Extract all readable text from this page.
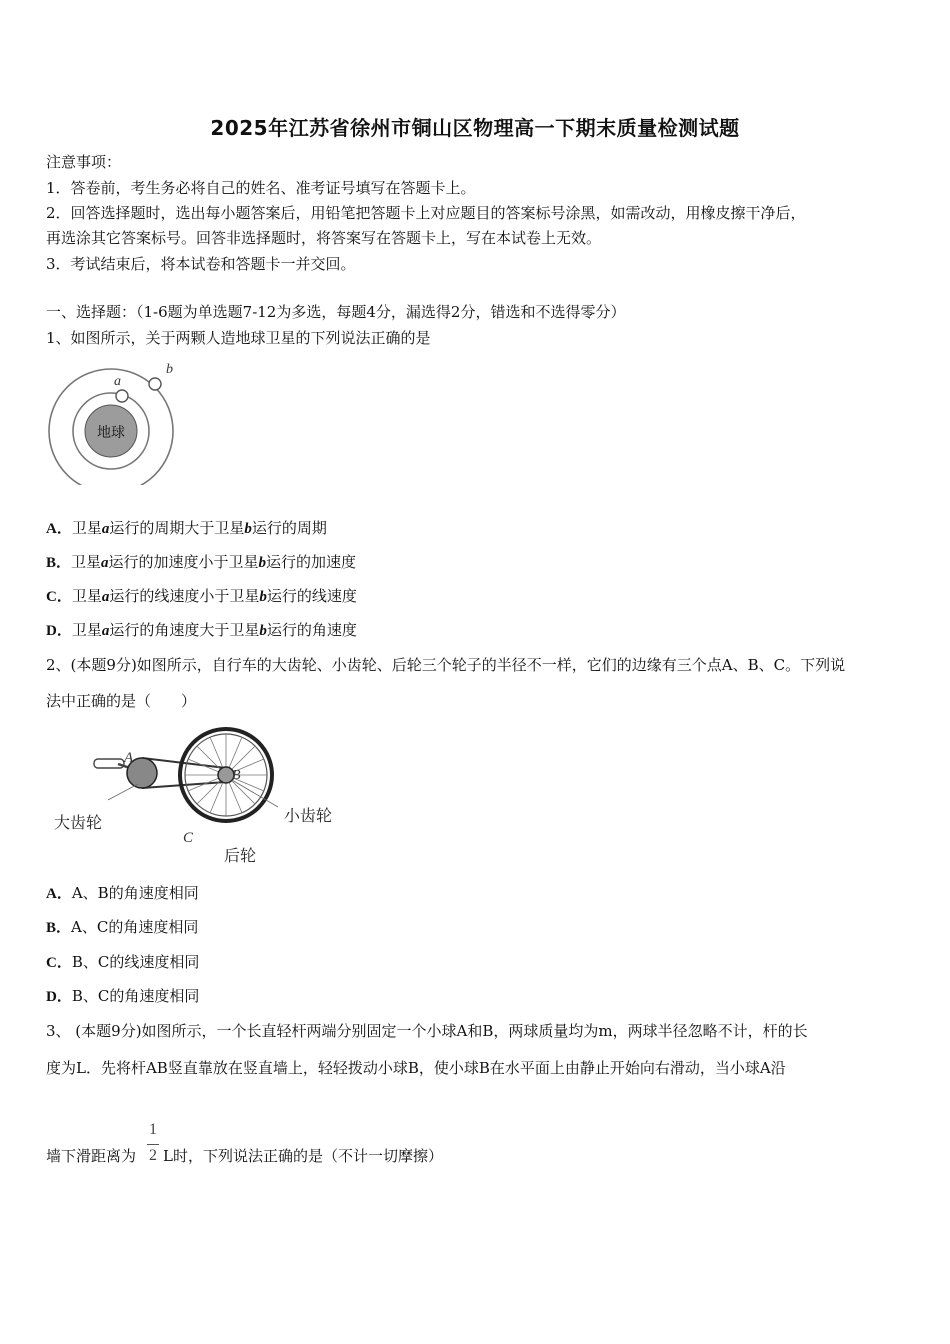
2025年江苏省徐州市铜山区物理高一下期末质量检测试题
注意事项：
1．答卷前，考生务必将自己的姓名、准考证号填写在答题卡上。
2．回答选择题时，选出每小题答案后，用铅笔把答题卡上对应题目的答案标号涂黑，如需改动，用橡皮擦干净后，
再选涂其它答案标号。回答非选择题时，将答案写在答题卡上，写在本试卷上无效。
3．考试结束后，将本试卷和答题卡一并交回。
一、选择题：（1-6题为单选题7-12为多选，每题4分，漏选得2分，错选和不选得零分）
1、如图所示，关于两颗人造地球卫星的下列说法正确的是
地球
a
b
A．卫星a运行的周期大于卫星b运行的周期
B．卫星a运行的加速度小于卫星b运行的加速度
C．卫星a运行的线速度小于卫星b运行的线速度
D．卫星a运行的角速度大于卫星b运行的角速度
2、(本题9分)如图所示，自行车的大齿轮、小齿轮、后轮三个轮子的半径不一样，它们的边缘有三个点A、B、C。下列说
法中正确的是（　　）
A
B
C
大齿轮	小齿轮
后轮
A．A、B的角速度相同
B．A、C的角速度相同
C．B、C的线速度相同
D．B、C的角速度相同
3、 (本题9分)如图所示，一个长直轻杆两端分别固定一个小球A和B，两球质量均为m，两球半径忽略不计，杆的长
度为L．先将杆AB竖直靠放在竖直墙上，轻轻拨动小球B，使小球B在水平面上由静止开始向右滑动，当小球A沿
1
2
墙下滑距离为 L时，下列说法正确的是（不计一切摩擦）
